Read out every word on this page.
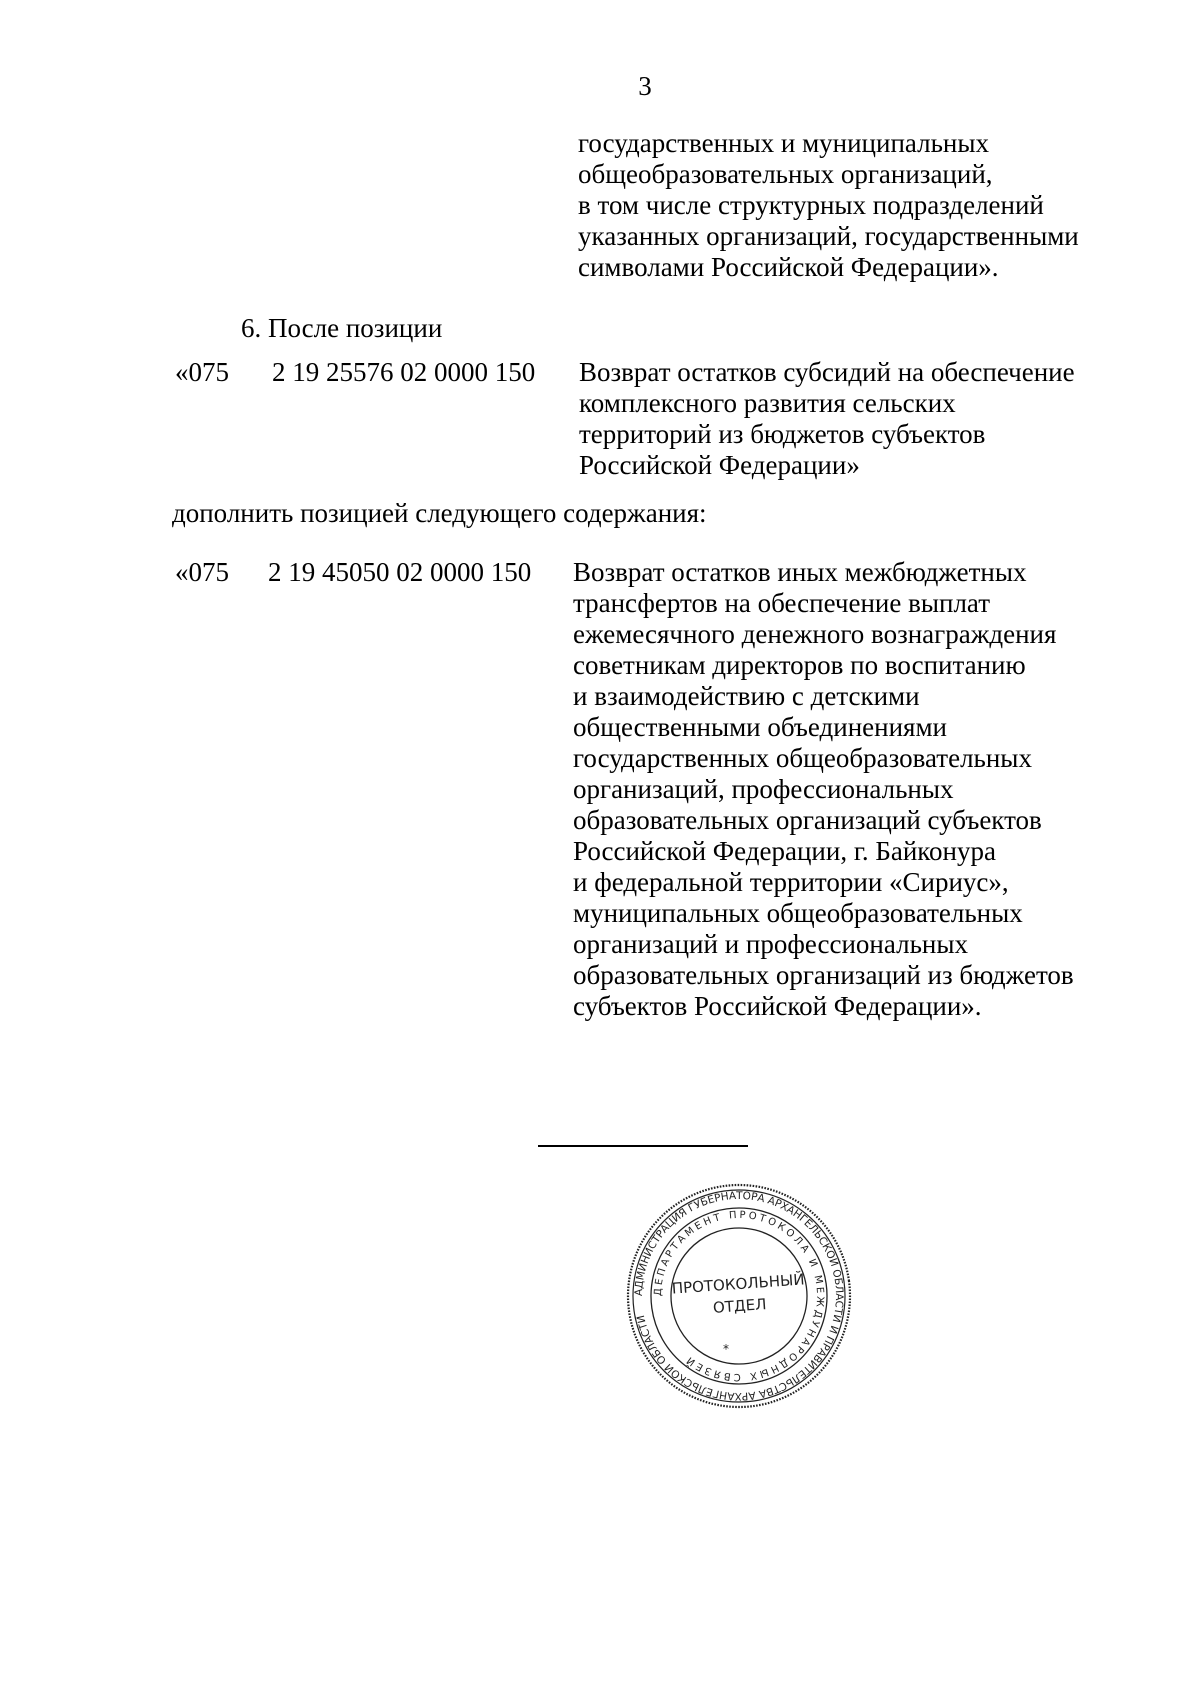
3
государственных и муниципальных
общеобразовательных организаций,
в том числе структурных подразделений
указанных организаций, государственными
символами Российской Федерации».
6. После позиции
«075 2 19 25576 02 0000 150 Возврат остатков субсидий на обеспечение
комплексного развития сельских
территорий из бюджетов субъектов
Российской Федерации»
дополнить позицией следующего содержания:
«075 2 19 45050 02 0000 150 Возврат остатков иных межбюджетных
трансфертов на обеспечение выплат
ежемесячного денежного вознаграждения
советникам директоров по воспитанию
и взаимодействию с детскими
общественными объединениями
государственных общеобразовательных
организаций, профессиональных
образовательных организаций субъектов
Российской Федерации, г. Байконура
и федеральной территории «Сириус»,
муниципальных общеобразовательных
организаций и профессиональных
образовательных организаций из бюджетов
субъектов Российской Федерации».
АДМИНИСТРАЦИЯ ГУБЕРНАТОРА АРХАНГЕЛЬСКОЙ ОБЛАСТИ И ПРАВИТЕЛЬСТВА АРХАНГЕЛЬСКОЙ ОБЛАСТИ
ДЕПАРТАМЕНТ ПРОТОКОЛА И МЕЖДУНАРОДНЫХ СВЯЗЕЙ
ПРОТОКОЛЬНЫЙ
ОТДЕЛ
*
